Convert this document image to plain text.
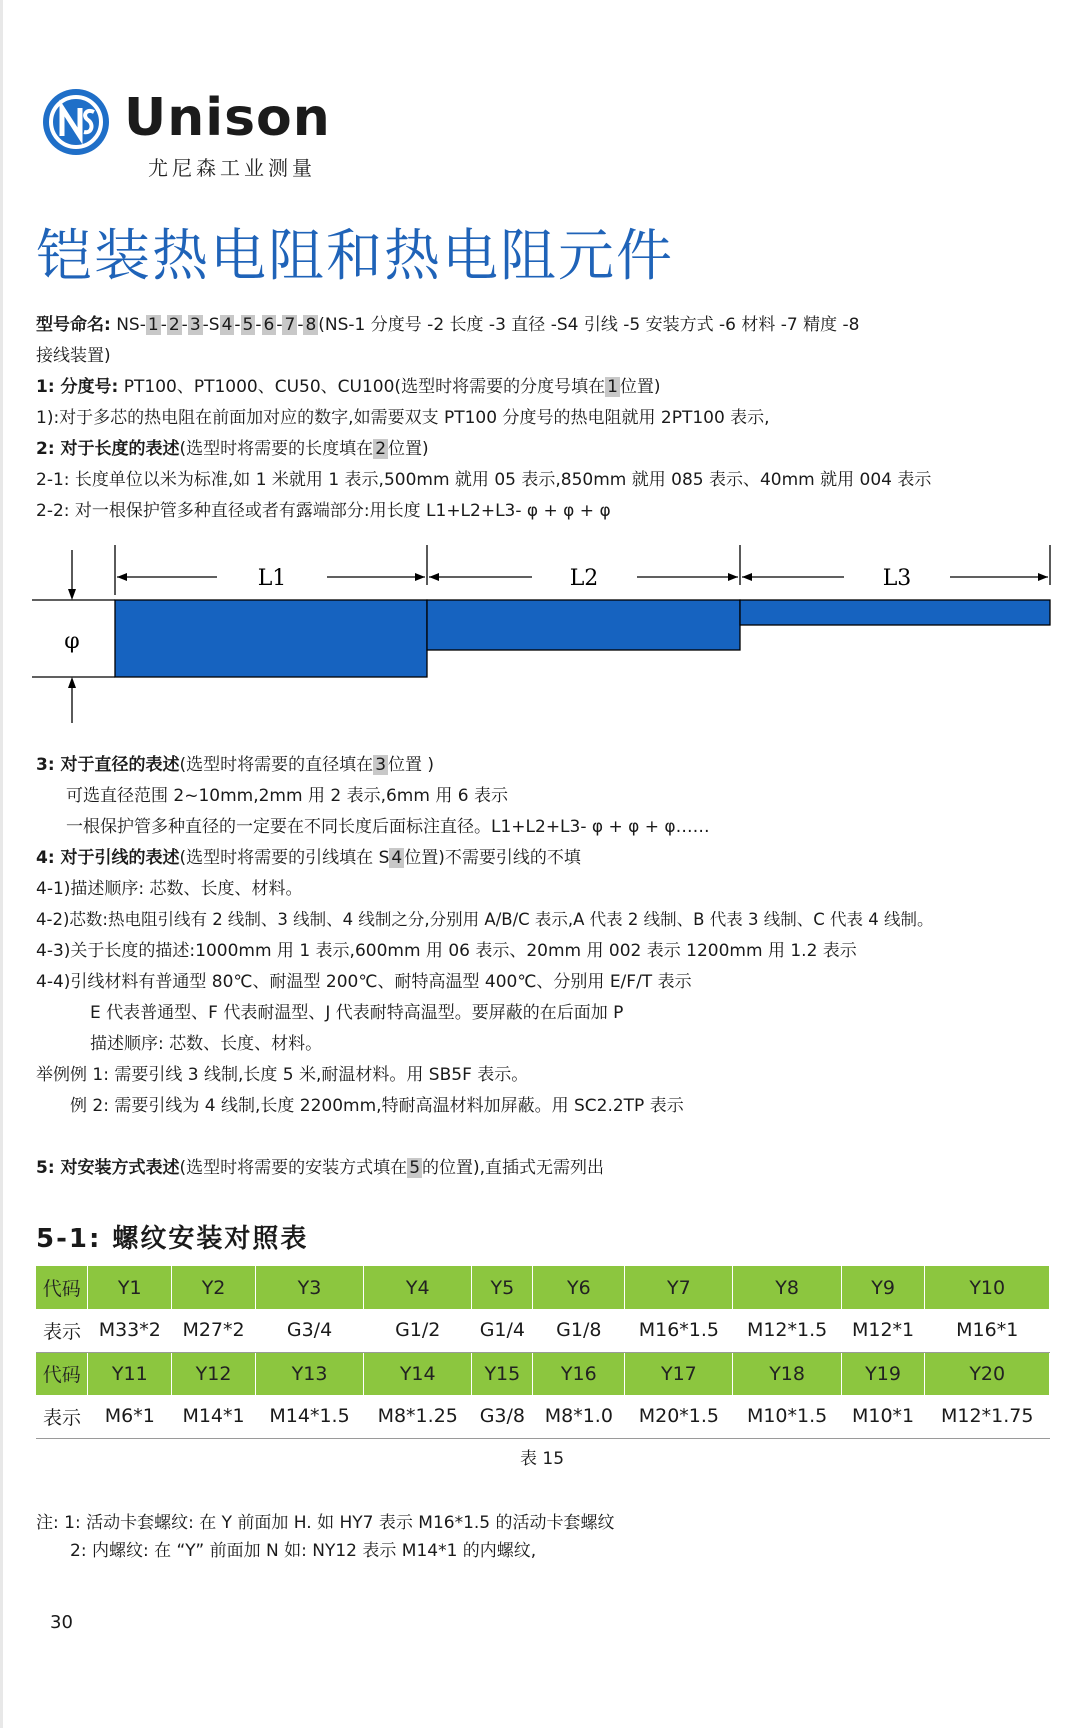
Unison
尤尼森工业测量
铠装热电阻和热电阻元件
型号命名: NS- 1 - 2 - 3 -S 4 - 5 - 6 - 7 - 8 (NS-1 分度号 -2 长度 -3 直径 -S4 引线 -5 安装方式 -6 材料 -7 精度 -8
接线装置)
1: 分度号: PT100、PT1000、CU50、CU100(选型时将需要的分度号填在 1 位置)
1):对于多芯的热电阻在前面加对应的数字,如需要双支 PT100 分度号的热电阻就用 2PT100 表示,
2: 对于长度的表述(选型时将需要的长度填在 2 位置)
2-1: 长度单位以米为标准,如 1 米就用 1 表示,500mm 就用 05 表示,850mm 就用 085 表示、40mm 就用 004 表示
2-2: 对一根保护管多种直径或者有露端部分:用长度 L1+L2+L3- φ + φ + φ
L1	L2	L3
φ
3: 对于直径的表述(选型时将需要的直径填在 3 位置 )
可选直径范围 2~10mm,2mm 用 2 表示,6mm 用 6 表示
一根保护管多种直径的一定要在不同长度后面标注直径。L1+L2+L3- φ + φ + φ……
4: 对于引线的表述(选型时将需要的引线填在 S 4 位置)不需要引线的不填
4-1)描述顺序: 芯数、长度、材料。
4-2)芯数:热电阻引线有 2 线制、3 线制、4 线制之分,分别用 A/B/C 表示,A 代表 2 线制、B 代表 3 线制、C 代表 4 线制。
4-3)关于长度的描述:1000mm 用 1 表示,600mm 用 06 表示、20mm 用 002 表示 1200mm 用 1.2 表示
4-4)引线材料有普通型 80℃、耐温型 200℃、耐特高温型 400℃、分别用 E/F/T 表示
E 代表普通型、F 代表耐温型、J 代表耐特高温型。要屏蔽的在后面加 P
描述顺序: 芯数、长度、材料。
举例例 1: 需要引线 3 线制,长度 5 米,耐温材料。用 SB5F 表示。
例 2: 需要引线为 4 线制,长度 2200mm,特耐高温材料加屏蔽。用 SC2.2TP 表示
5: 对安装方式表述(选型时将需要的安装方式填在 5 的位置),直插式无需列出
5-1: 螺纹安装对照表
代码	Y1	Y2	Y3	Y4	Y5	Y6	Y7	Y8	Y9	Y10
表示	M33*2	M27*2	G3/4	G1/2	G1/4	G1/8	M16*1.5	M12*1.5	M12*1	M16*1
代码	Y11	Y12	Y13	Y14	Y15	Y16	Y17	Y18	Y19	Y20
表示	M6*1	M14*1	M14*1.5	M8*1.25	G3/8	M8*1.0	M20*1.5	M10*1.5	M10*1	M12*1.75
表 15
注: 1: 活动卡套螺纹: 在 Y 前面加 H. 如 HY7 表示 M16*1.5 的活动卡套螺纹
2: 内螺纹: 在 “Y” 前面加 N 如: NY12 表示 M14*1 的内螺纹,
30
